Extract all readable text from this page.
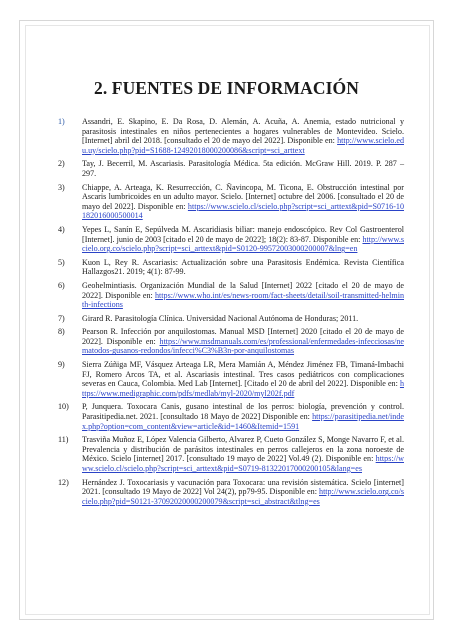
2. FUENTES DE INFORMACIÓN
1) Assandri, E. Skapino, E. Da Rosa, D. Alemán, A. Acuña, A. Anemia, estado nutricional y parasitosis intestinales en niños pertenecientes a hogares vulnerables de Montevideo. Scielo. [Internet] abril del 2018. [consultado el 20 de mayo del 2022]. Disponible en: http://www.scielo.edu.uy/scielo.php?pid=S1688-12492018000200086&script=sci_arttext
2) Tay, J. Becerril, M. Ascariasis. Parasitología Médica. 5ta edición. McGraw Hill. 2019. P. 287 – 297.
3) Chiappe, A. Arteaga, K. Resurrección, C. Ñavincopa, M. Ticona, E. Obstrucción intestinal por Ascaris lumbricoides en un adulto mayor. Scielo. [Internet] octubre del 2006. [consultado el 20 de mayo del 2022]. Disponible en: https://www.scielo.cl/scielo.php?script=sci_arttext&pid=S0716-10182016000500014
4) Yepes L, Sanín E, Sepúlveda M. Ascaridiasis biliar: manejo endoscópico. Rev Col Gastroenterol [Internet]. junio de 2003 [citado el 20 de mayo de 2022]; 18(2): 83-87. Disponible en: http://www.scielo.org.co/scielo.php?script=sci_arttext&pid=S0120-99572003000200007&lng=en
5) Kuon L, Rey R. Ascariasis: Actualización sobre una Parasitosis Endémica. Revista Científica Hallazgos21. 2019; 4(1): 87-99.
6) Geohelmintiasis. Organización Mundial de la Salud [Internet] 2022 [citado el 20 de mayo de 2022]. Disponible en: https://www.who.int/es/news-room/fact-sheets/detail/soil-transmitted-helminth-infections
7) Girard R. Parasitología Clínica. Universidad Nacional Autónoma de Honduras; 2011.
8) Pearson R. Infección por anquilostomas. Manual MSD [Internet] 2020 [citado el 20 de mayo de 2022]. Disponible en: https://www.msdmanuals.com/es/professional/enfermedades-infecciosas/nematodos-gusanos-redondos/infecci%C3%B3n-por-anquilostomas
9) Sierra Zúñiga MF, Vásquez Arteaga LR, Mera Mamián A, Méndez Jiménez FB, Timaná-Imbachi FJ, Romero Arcos TA, et al. Ascariasis intestinal. Tres casos pediátricos con complicaciones severas en Cauca, Colombia. Med Lab [Internet]. [Citado el 20 de abril del 2022]. Disponible en: https://www.medigraphic.com/pdfs/medlab/myl-2020/myl202f.pdf
10) P, Junquera. Toxocara Canis, gusano intestinal de los perros: biología, prevención y control. Parasitipedia.net. 2021. [consultado 18 Mayo de 2022] Disponible en: https://parasitipedia.net/index.php?option=com_content&view=article&id=1460&Itemid=1591
11) Trasviña Muñoz E, López Valencia Gilberto, Alvarez P, Cueto González S, Monge Navarro F, et al. Prevalencia y distribución de parásitos intestinales en perros callejeros en la zona noroeste de México. Scielo [internet] 2017. [consultado 19 mayo de 2022] Vol.49 (2). Disponible en: https://www.scielo.cl/scielo.php?script=sci_arttext&pid=S0719-81322017000200105&lang=es
12) Hernández J. Toxocariasis y vacunación para Toxocara: una revisión sistemática. Scielo [internet] 2021. [consultado 19 Mayo de 2022] Vol 24(2), pp79-95. Disponible en: http://www.scielo.org.co/scielo.php?pid=S0121-37092020000200079&script=sci_abstract&tlng=es
